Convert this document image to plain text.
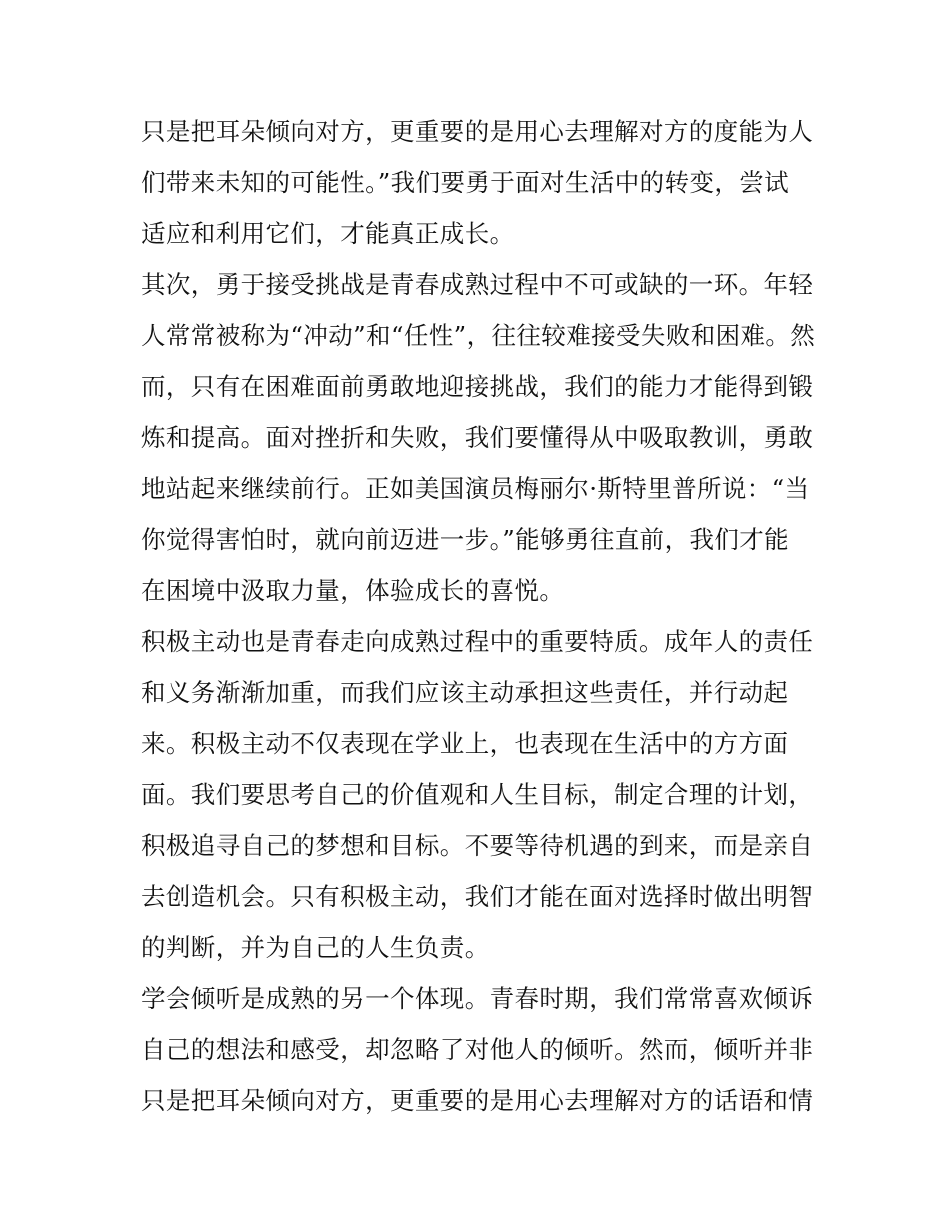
只是把耳朵倾向对方，更重要的是用心去理解对方的度能为人
们带来未知的可能性。”我们要勇于面对生活中的转变，尝试
适应和利用它们，才能真正成长。
其次，勇于接受挑战是青春成熟过程中不可或缺的一环。年轻
人常常被称为“冲动”和“任性”，往往较难接受失败和困难。然
而，只有在困难面前勇敢地迎接挑战，我们的能力才能得到锻
炼和提高。面对挫折和失败，我们要懂得从中吸取教训，勇敢
地站起来继续前行。正如美国演员梅丽尔·斯特里普所说：“当
你觉得害怕时，就向前迈进一步。”能够勇往直前，我们才能
在困境中汲取力量，体验成长的喜悦。
积极主动也是青春走向成熟过程中的重要特质。成年人的责任
和义务渐渐加重，而我们应该主动承担这些责任，并行动起
来。积极主动不仅表现在学业上，也表现在生活中的方方面
面。我们要思考自己的价值观和人生目标，制定合理的计划，
积极追寻自己的梦想和目标。不要等待机遇的到来，而是亲自
去创造机会。只有积极主动，我们才能在面对选择时做出明智
的判断，并为自己的人生负责。
学会倾听是成熟的另一个体现。青春时期，我们常常喜欢倾诉
自己的想法和感受，却忽略了对他人的倾听。然而，倾听并非
只是把耳朵倾向对方，更重要的是用心去理解对方的话语和情
